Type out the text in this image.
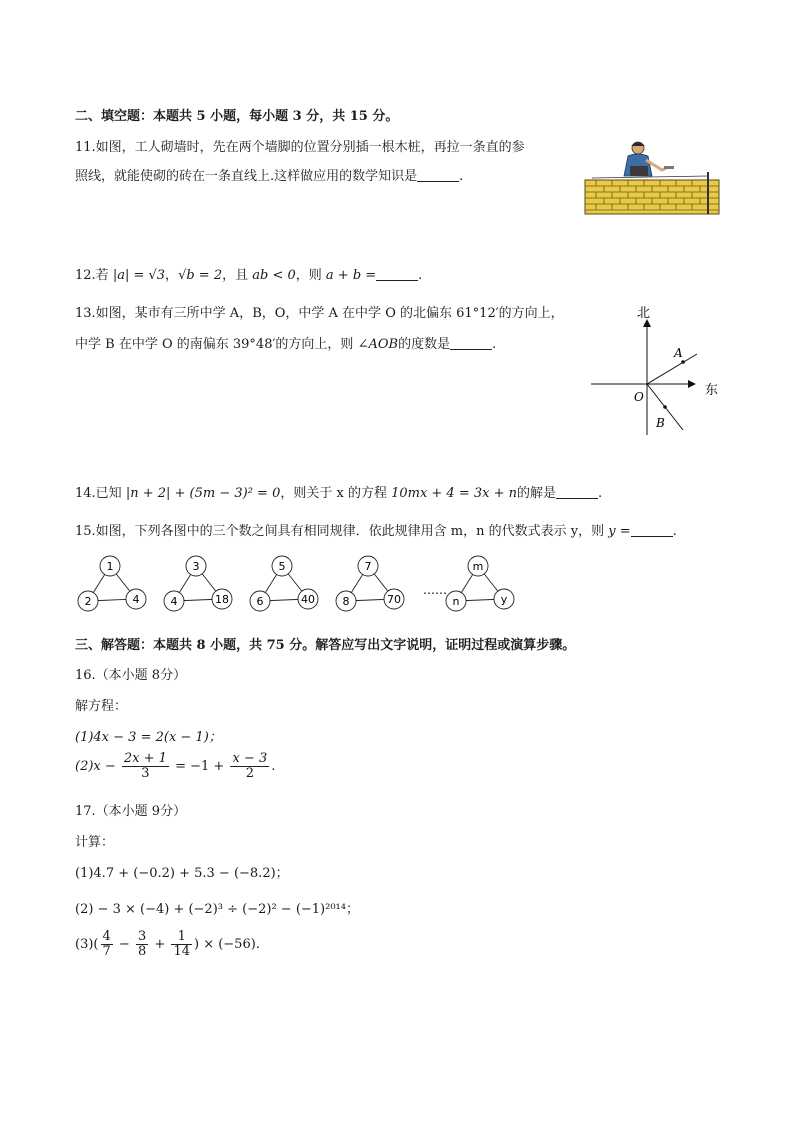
二、填空题：本题共 5 小题，每小题 3 分，共 15 分。
11.如图，工人砌墙时，先在两个墙脚的位置分别插一根木桩，再拉一条直的参
照线，就能使砌的砖在一条直线上.这样做应用的数学知识是	.
12.若 |a| = √3，√b = 2，且 ab < 0，则 a + b =	.
13.如图，某市有三所中学 A，B，O，中学 A 在中学 O 的北偏东 61°12′的方向上，
中学 B 在中学 O 的南偏东 39°48′的方向上，则 ∠AOB的度数是	.
北
东
O
A
B
14.已知 |n + 2| + (5m − 3)² = 0，则关于 x 的方程 10mx + 4 = 3x + n的解是	.
15.如图，下列各图中的三个数之间具有相同规律．依此规律用含 m，n 的代数式表示 y，则 y =	.
1
2	4
3
4	18
5
6	40
7
8	70
m
n	y
……
三、解答题：本题共 8 小题，共 75 分。解答应写出文字说明，证明过程或演算步骤。
16.（本小题 8分）
解方程：
(1)4x − 3 = 2(x − 1)；
$(2)x - \frac{2x + 1}{3} = -1 + \frac{x - 3}{2}$ .
17.（本小题 9分）
计算：
(1)4.7 + (−0.2) + 5.3 − (−8.2)；
(2) − 3 × (−4) + (−2)³ ÷ (−2)² − (−1)²⁰¹⁴；
$(3)( \frac{4}{7} - \frac{3}{8} + \frac{1}{14}$ ) × (−56).
